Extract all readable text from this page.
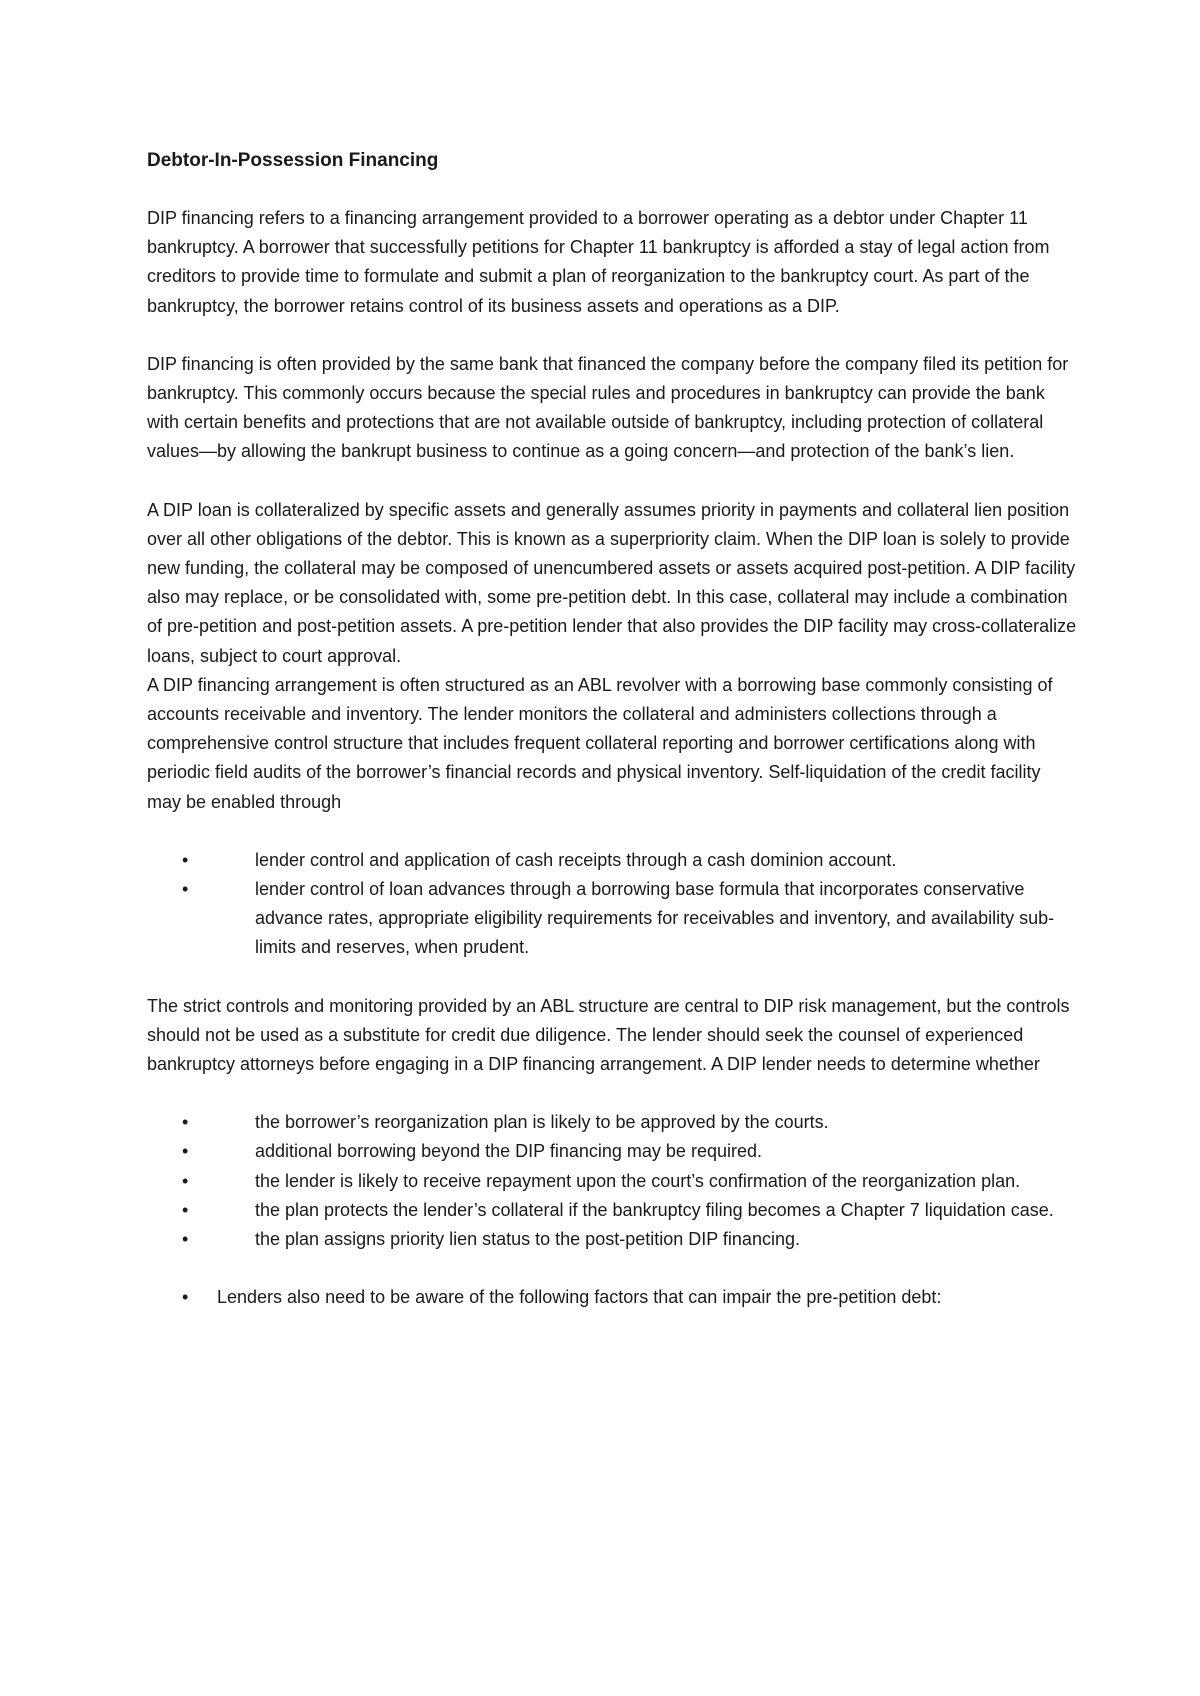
Debtor-In-Possession Financing

DIP financing refers to a financing arrangement provided to a borrower operating as a debtor under Chapter 11 bankruptcy. A borrower that successfully petitions for Chapter 11 bankruptcy is afforded a stay of legal action from creditors to provide time to formulate and submit a plan of reorganization to the bankruptcy court. As part of the bankruptcy, the borrower retains control of its business assets and operations as a DIP.

DIP financing is often provided by the same bank that financed the company before the company filed its petition for bankruptcy. This commonly occurs because the special rules and procedures in bankruptcy can provide the bank with certain benefits and protections that are not available outside of bankruptcy, including protection of collateral values—by allowing the bankrupt business to continue as a going concern—and protection of the bank’s lien.

A DIP loan is collateralized by specific assets and generally assumes priority in payments and collateral lien position over all other obligations of the debtor. This is known as a superpriority claim. When the DIP loan is solely to provide new funding, the collateral may be composed of unencumbered assets or assets acquired post-petition. A DIP facility also may replace, or be consolidated with, some pre-petition debt. In this case, collateral may include a combination of pre-petition and post-petition assets. A pre-petition lender that also provides the DIP facility may cross-collateralize loans, subject to court approval.

A DIP financing arrangement is often structured as an ABL revolver with a borrowing base commonly consisting of accounts receivable and inventory. The lender monitors the collateral and administers collections through a comprehensive control structure that includes frequent collateral reporting and borrower certifications along with periodic field audits of the borrower’s financial records and physical inventory. Self-liquidation of the credit facility may be enabled through

•	lender control and application of cash receipts through a cash dominion account.
•	lender control of loan advances through a borrowing base formula that incorporates conservative advance rates, appropriate eligibility requirements for receivables and inventory, and availability sub-limits and reserves, when prudent.

The strict controls and monitoring provided by an ABL structure are central to DIP risk management, but the controls should not be used as a substitute for credit due diligence. The lender should seek the counsel of experienced bankruptcy attorneys before engaging in a DIP financing arrangement. A DIP lender needs to determine whether

•	the borrower’s reorganization plan is likely to be approved by the courts.
•	additional borrowing beyond the DIP financing may be required.
•	the lender is likely to receive repayment upon the court’s confirmation of the reorganization plan.
•	the plan protects the lender’s collateral if the bankruptcy filing becomes a Chapter 7 liquidation case.
•	the plan assigns priority lien status to the post-petition DIP financing.
• Lenders also need to be aware of the following factors that can impair the pre-petition debt:
